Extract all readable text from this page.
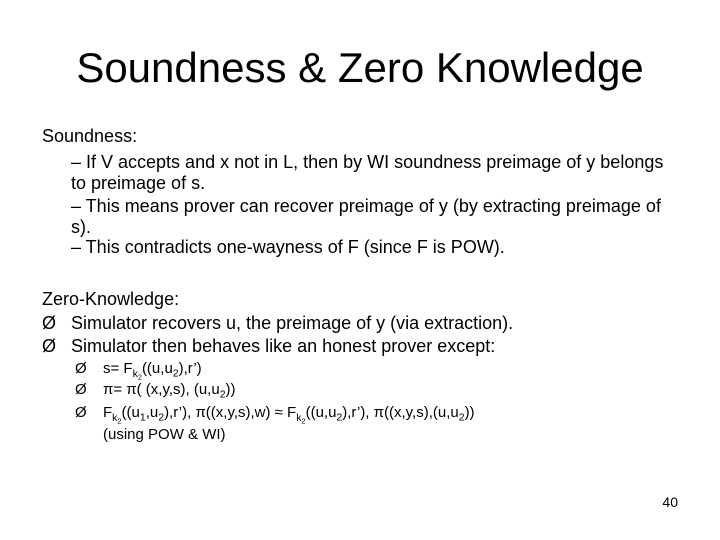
Soundness & Zero Knowledge
Soundness:
– If V accepts and x not in L, then by WI soundness preimage of y belongs to preimage of s.
– This means prover can recover preimage of y (by extracting preimage of s).
– This contradicts one-wayness of F (since F is POW).
Zero-Knowledge:
Ø Simulator recovers u, the preimage of y (via extraction).
Ø Simulator then behaves like an honest prover except:
Ø $s= F_{k_2}((u,u_2),r’)$
Ø π= π( (x,y,s), $(u,u_2)$)
Ø $F_{k_2}((u_1,u_2),r’)$, $\pi((x,y,s),w) \approx F_{k_2}((u,u_2),r’)$, $\pi((x,y,s),(u,u_2))$
(using POW & WI)
40
